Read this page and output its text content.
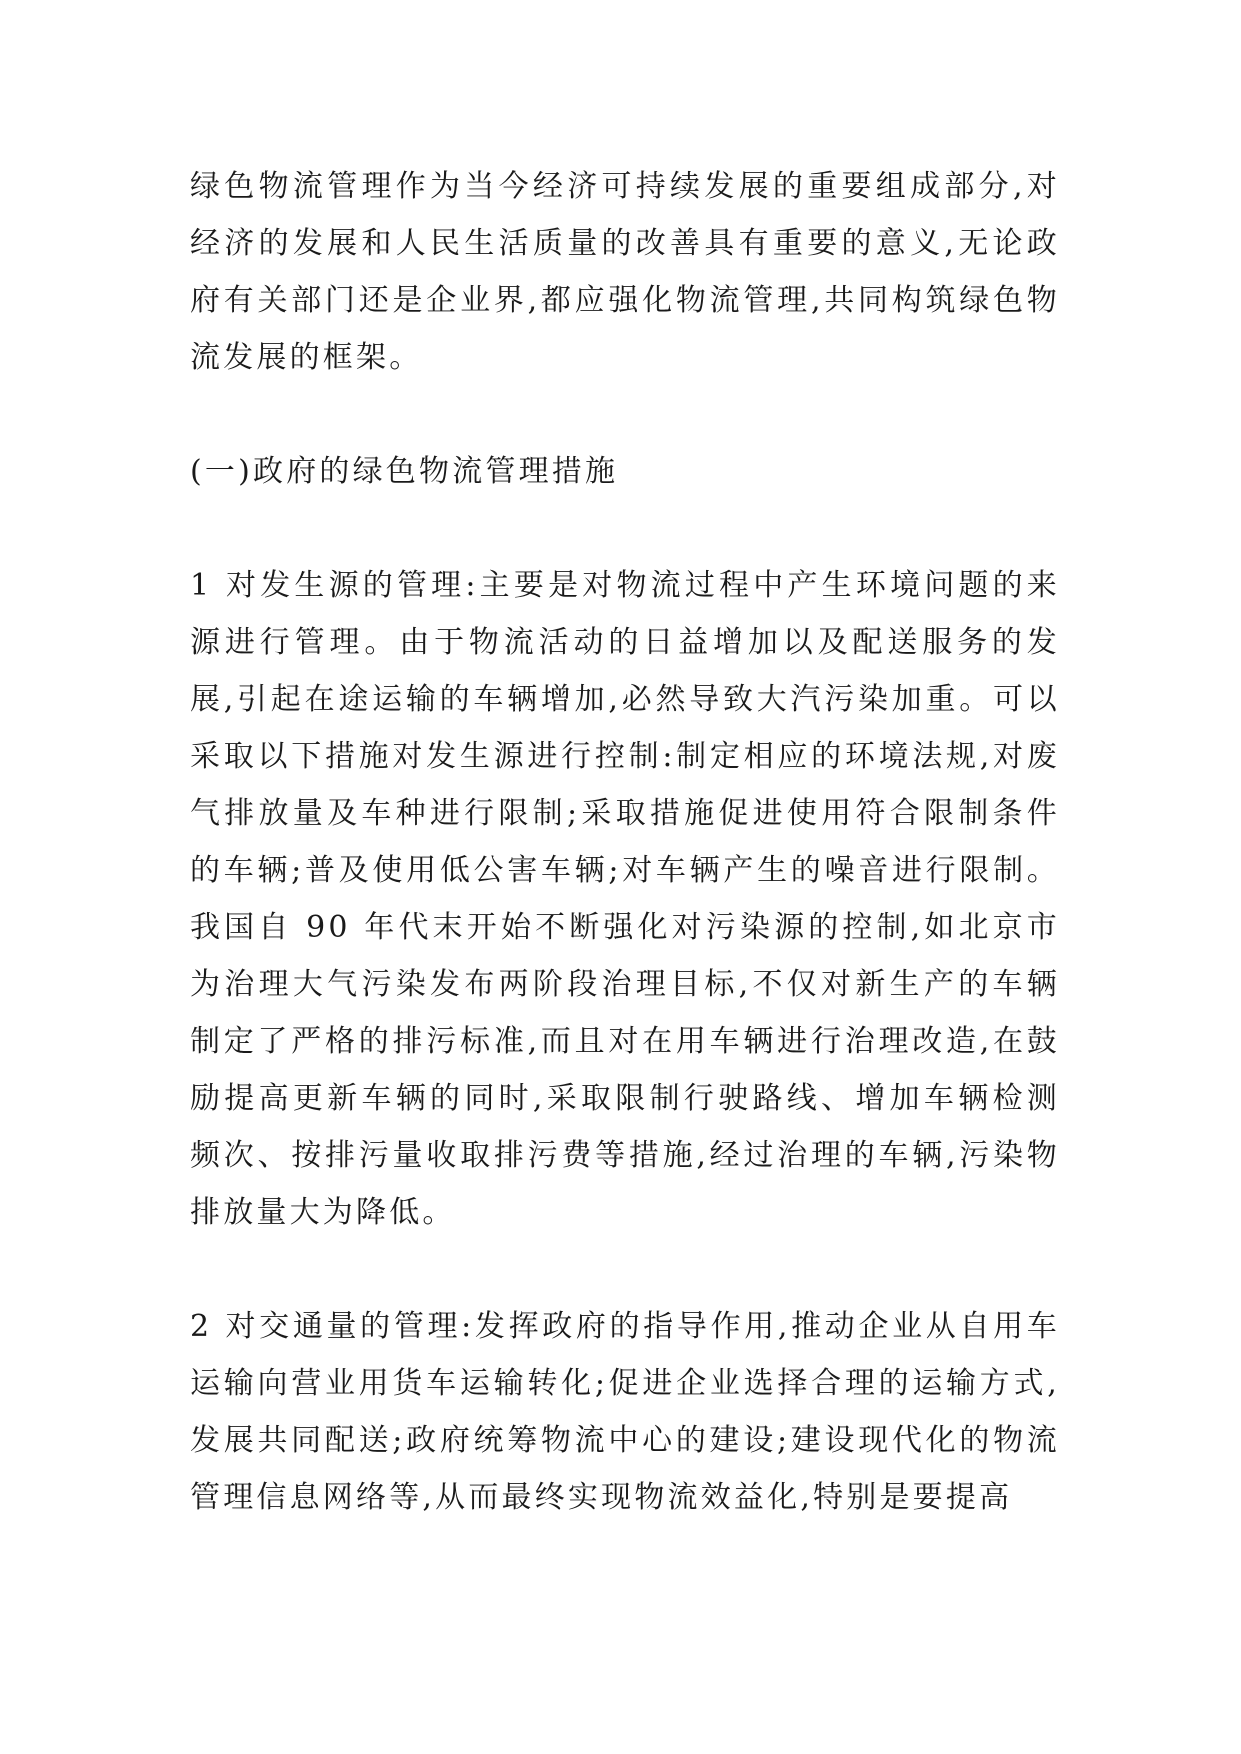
绿色物流管理作为当今经济可持续发展的重要组成部分,对经济的发展和人民生活质量的改善具有重要的意义,无论政府有关部门还是企业界,都应强化物流管理,共同构筑绿色物流发展的框架。

(一)政府的绿色物流管理措施

1 对发生源的管理:主要是对物流过程中产生环境问题的来源进行管理。由于物流活动的日益增加以及配送服务的发展,引起在途运输的车辆增加,必然导致大汽污染加重。可以采取以下措施对发生源进行控制:制定相应的环境法规,对废气排放量及车种进行限制;采取措施促进使用符合限制条件的车辆;普及使用低公害车辆;对车辆产生的噪音进行限制。我国自 90 年代末开始不断强化对污染源的控制,如北京市为治理大气污染发布两阶段治理目标,不仅对新生产的车辆制定了严格的排污标准,而且对在用车辆进行治理改造,在鼓励提高更新车辆的同时,采取限制行驶路线、增加车辆检测频次、按排污量收取排污费等措施,经过治理的车辆,污染物排放量大为降低。

2 对交通量的管理:发挥政府的指导作用,推动企业从自用车运输向营业用货车运输转化;促进企业选择合理的运输方式,发展共同配送;政府统筹物流中心的建设;建设现代化的物流管理信息网络等,从而最终实现物流效益化,特别是要提高
